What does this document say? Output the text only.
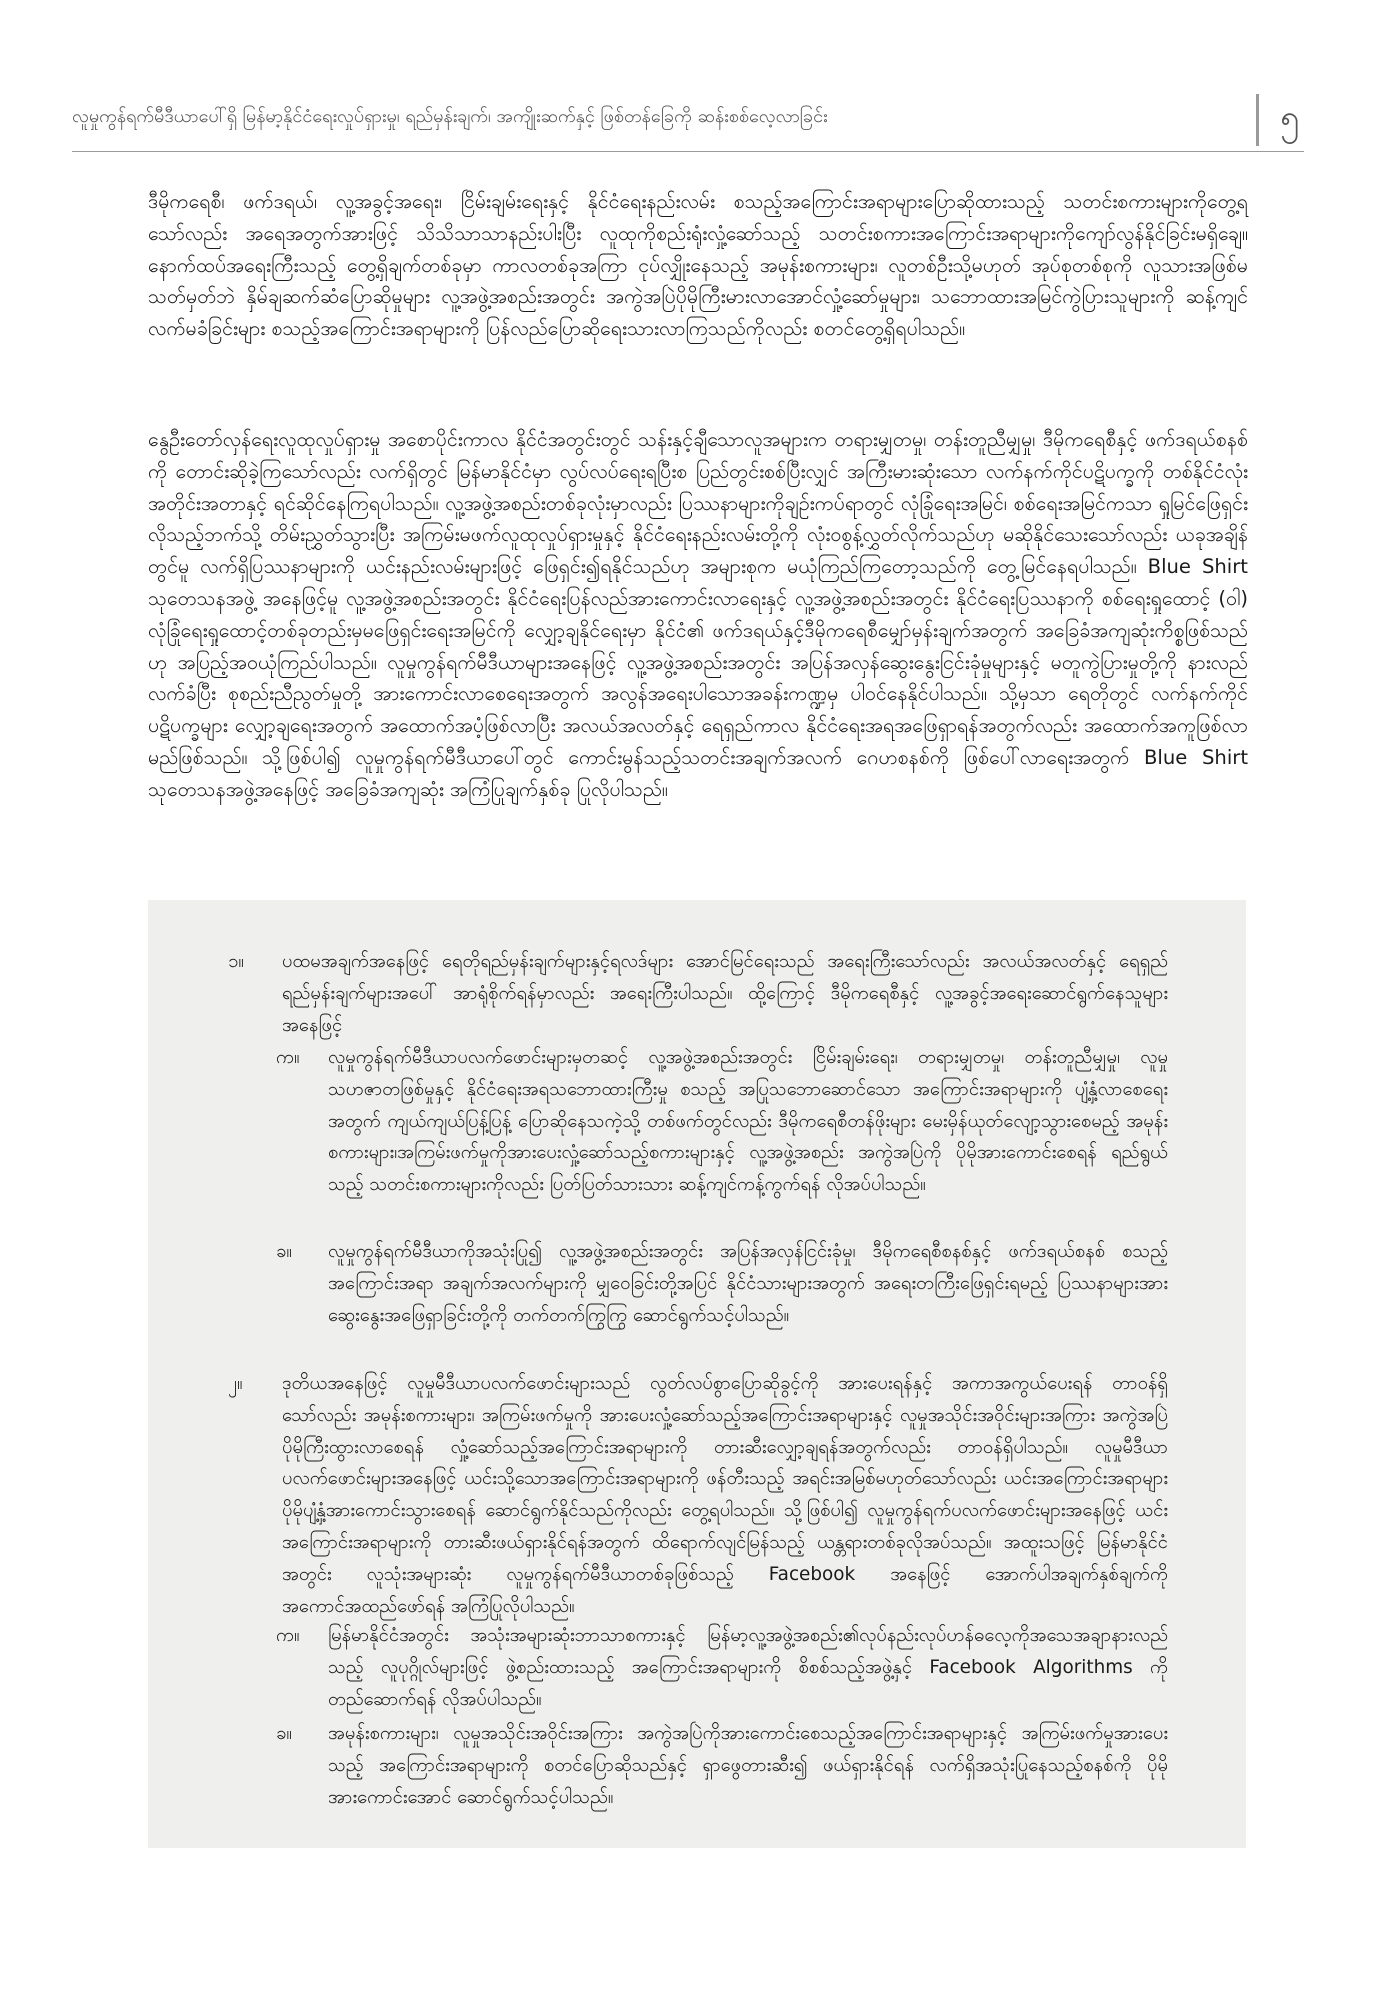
လူမှုကွန်ရက်မီဒီယာပေါ်ရှိ မြန်မာ့နိုင်ငံရေးလှုပ်ရှားမှု၊ ရည်မှန်းချက်၊ အကျိုးဆက်နှင့် ဖြစ်တန်ခြေကို ဆန်းစစ်လေ့လာခြင်း	၅
ဒီမိုကရေစီ၊ ဖက်ဒရယ်၊ လူ့အခွင့်အရေး၊ ငြိမ်းချမ်းရေးနှင့် နိုင်ငံရေးနည်းလမ်း စသည့်အကြောင်းအရာများပြောဆိုထားသည့် သတင်းစကားများကိုတွေ့ရသော်လည်း အရေအတွက်အားဖြင့် သိသိသာသာနည်းပါးပြီး လူထုကိုစည်းရုံးလှုံ့ဆော်သည့် သတင်းစကားအကြောင်းအရာများကိုကျော်လွန်နိုင်ခြင်းမရှိချေ။ နောက်ထပ်အရေးကြီးသည့် တွေ့ရှိချက်တစ်ခုမှာ ကာလတစ်ခုအကြာ ငုပ်လျှိုးနေသည့် အမုန်းစကားများ၊ လူတစ်ဦးသို့မဟုတ် အုပ်စုတစ်စုကို လူသားအဖြစ်မသတ်မှတ်ဘဲ နှိမ်ချဆက်ဆံပြောဆိုမှုများ လူ့အဖွဲ့အစည်းအတွင်း အကွဲအပြဲပိုမိုကြီးမားလာအောင်လှုံ့ဆော်မှုများ၊ သဘောထားအမြင်ကွဲပြားသူများကို ဆန့်ကျင်လက်မခံခြင်းများ စသည့်အကြောင်းအရာများကို ပြန်လည်ပြောဆိုရေးသားလာကြသည်ကိုလည်း စတင်တွေ့ရှိရပါသည်။
နွေဦးတော်လှန်ရေးလူထုလှုပ်ရှားမှု အစောပိုင်းကာလ နိုင်ငံအတွင်းတွင် သန်းနှင့်ချီသောလူအများက တရားမျှတမှု၊ တန်းတူညီမျှမှု၊ ဒီမိုကရေစီနှင့် ဖက်ဒရယ်စနစ်ကို တောင်းဆိုခဲ့ကြသော်လည်း လက်ရှိတွင် မြန်မာနိုင်ငံမှာ လွပ်လပ်ရေးရပြီးစ ပြည်တွင်းစစ်ပြီးလျှင် အကြီးမားဆုံးသော လက်နက်ကိုင်ပဋိပက္ခကို တစ်နိုင်ငံလုံးအတိုင်းအတာနှင့် ရင်ဆိုင်နေကြရပါသည်။ လူ့အဖွဲ့အစည်းတစ်ခုလုံးမှာလည်း ပြဿနာများကိုချဉ်းကပ်ရာတွင် လုံခြုံရေးအမြင်၊ စစ်ရေးအမြင်ကသာ ရှုမြင်ဖြေရှင်းလိုသည့်ဘက်သို့ တိမ်းညွှတ်သွားပြီး အကြမ်းမဖက်လူထုလှုပ်ရှားမှုနှင့် နိုင်ငံရေးနည်းလမ်းတို့ကို လုံးဝစွန့်လွှတ်လိုက်သည်ဟု မဆိုနိုင်သေးသော်လည်း ယခုအချိန်တွင်မူ လက်ရှိပြဿနာများကို ယင်းနည်းလမ်းများဖြင့် ဖြေရှင်း၍ရနိုင်သည်ဟု အများစုက မယုံကြည်ကြတော့သည်ကို တွေ့မြင်နေရပါသည်။ Blue Shirt သုတေသနအဖွဲ့ အနေဖြင့်မူ လူ့အဖွဲ့အစည်းအတွင်း နိုင်ငံရေးပြန်လည်အားကောင်းလာရေးနှင့် လူ့အဖွဲ့အစည်းအတွင်း နိုင်ငံရေးပြဿနာကို စစ်ရေးရှုထောင့် (ဝါ) လုံခြုံရေးရှုထောင့်တစ်ခုတည်းမှမဖြေရှင်းရေးအမြင်ကို လျှော့ချနိုင်ရေးမှာ နိုင်ငံ၏ ဖက်ဒရယ်နှင့်ဒီမိုကရေစီမျှော်မှန်းချက်အတွက် အခြေခံအကျဆုံးကိစ္စဖြစ်သည်ဟု အပြည့်အဝယုံကြည်ပါသည်။ လူမှုကွန်ရက်မီဒီယာများအနေဖြင့် လူ့အဖွဲ့အစည်းအတွင်း အပြန်အလှန်ဆွေးနွေးငြင်းခုံမှုများနှင့် မတူကွဲပြားမှုတို့ကို နားလည်လက်ခံပြီး စုစည်းညီညွတ်မှုတို့ အားကောင်းလာစေရေးအတွက် အလွန်အရေးပါသောအခန်းကဏ္ဍမှ ပါဝင်နေနိုင်ပါသည်။ သို့မှသာ ရေတိုတွင် လက်နက်ကိုင်ပဋိပက္ခများ လျှော့ချရေးအတွက် အထောက်အပံ့ဖြစ်လာပြီး အလယ်အလတ်နှင့် ရေရှည်ကာလ နိုင်ငံရေးအရအဖြေရှာရန်အတွက်လည်း အထောက်အကူဖြစ်လာမည်ဖြစ်သည်။ သို့ဖြစ်ပါ၍ လူမှုကွန်ရက်မီဒီယာပေါ်တွင် ကောင်းမွန်သည့်သတင်းအချက်အလက် ဂေဟစနစ်ကို ဖြစ်ပေါ်လာရေးအတွက် Blue Shirt သုတေသနအဖွဲ့အနေဖြင့် အခြေခံအကျဆုံး အကြံပြုချက်နှစ်ခု ပြုလိုပါသည်။
၁။ ပထမအချက်အနေဖြင့် ရေတိုရည်မှန်းချက်များနှင့်ရလဒ်များ အောင်မြင်ရေးသည် အရေးကြီးသော်လည်း အလယ်အလတ်နှင့် ရေရှည်ရည်မှန်းချက်များအပေါ် အာရုံစိုက်ရန်မှာလည်း အရေးကြီးပါသည်။ ထို့ကြောင့် ဒီမိုကရေစီနှင့် လူ့အခွင့်အရေးဆောင်ရွက်နေသူများအနေဖြင့်
က။ လူမှုကွန်ရက်မီဒီယာပလက်ဖောင်းများမှတဆင့် လူ့အဖွဲ့အစည်းအတွင်း ငြိမ်းချမ်းရေး၊ တရားမျှတမှု၊ တန်းတူညီမျှမှု၊ လူမှုသဟဇာတဖြစ်မှုနှင့် နိုင်ငံရေးအရသဘောထားကြီးမှု စသည့် အပြုသဘောဆောင်သော အကြောင်းအရာများကို ပျံ့နှံ့လာစေရေးအတွက် ကျယ်ကျယ်ပြန့်ပြန့် ပြောဆိုနေသကဲ့သို့ တစ်ဖက်တွင်လည်း ဒီမိုကရေစီတန်ဖိုးများ မေးမှိန်ယုတ်လျော့သွားစေမည့် အမုန်းစကားများ၊အကြမ်းဖက်မှုကိုအားပေးလှုံ့ဆော်သည့်စကားများနှင့် လူ့အဖွဲ့အစည်း အကွဲအပြဲကို ပိုမိုအားကောင်းစေရန် ရည်ရွယ်သည့် သတင်းစကားများကိုလည်း ပြတ်ပြတ်သားသား ဆန့်ကျင်ကန့်ကွက်ရန် လိုအပ်ပါသည်။
ခ။ လူမှုကွန်ရက်မီဒီယာကိုအသုံးပြု၍ လူ့အဖွဲ့အစည်းအတွင်း အပြန်အလှန်ငြင်းခုံမှု၊ ဒီမိုကရေစီစနစ်နှင့် ဖက်ဒရယ်စနစ် စသည့် အကြောင်းအရာ အချက်အလက်များကို မျှဝေခြင်းတို့အပြင် နိုင်ငံသားများအတွက် အရေးတကြီးဖြေရှင်းရမည့် ပြဿနာများအား ဆွေးနွေးအဖြေရှာခြင်းတို့ကို တက်တက်ကြွကြွ ဆောင်ရွက်သင့်ပါသည်။
၂။ ဒုတိယအနေဖြင့် လူမှုမီဒီယာပလက်ဖောင်းများသည် လွတ်လပ်စွာပြောဆိုခွင့်ကို အားပေးရန်နှင့် အကာအကွယ်ပေးရန် တာဝန်ရှိသော်လည်း အမုန်းစကားများ၊ အကြမ်းဖက်မှုကို အားပေးလှုံ့ဆော်သည့်အကြောင်းအရာများနှင့် လူမှုအသိုင်းအဝိုင်းများအကြား အကွဲအပြဲပိုမိုကြီးထွားလာစေရန် လှုံ့ဆော်သည့်အကြောင်းအရာများကို တားဆီးလျှော့ချရန်အတွက်လည်း တာဝန်ရှိပါသည်။ လူမှုမီဒီယာပလက်ဖောင်းများအနေဖြင့် ယင်းသို့သောအကြောင်းအရာများကို ဖန်တီးသည့် အရင်းအမြစ်မဟုတ်သော်လည်း ယင်းအကြောင်းအရာများ ပိုမိုပျံ့နှံ့အားကောင်းသွားစေရန် ဆောင်ရွက်နိုင်သည်ကိုလည်း တွေ့ရပါသည်။ သို့ဖြစ်ပါ၍ လူမှုကွန်ရက်ပလက်ဖောင်းများအနေဖြင့် ယင်းအကြောင်းအရာများကို တားဆီးဖယ်ရှားနိုင်ရန်အတွက် ထိရောက်လျင်မြန်သည့် ယန္တရားတစ်ခုလိုအပ်သည်။ အထူးသဖြင့် မြန်မာနိုင်ငံအတွင်း လူသုံးအများဆုံး လူမှုကွန်ရက်မီဒီယာတစ်ခုဖြစ်သည့် Facebook အနေဖြင့် အောက်ပါအချက်နှစ်ချက်ကို အကောင်အထည်ဖော်ရန် အကြံပြုလိုပါသည်။
က။ မြန်မာနိုင်ငံအတွင်း အသုံးအများဆုံးဘာသာစကားနှင့် မြန်မာ့လူ့အဖွဲ့အစည်း၏လုပ်နည်းလုပ်ဟန်ဓလေ့ကိုအသေအချာနားလည်သည့် လူပုဂ္ဂိုလ်များဖြင့် ဖွဲ့စည်းထားသည့် အကြောင်းအရာများကို စိစစ်သည့်အဖွဲ့နှင့် Facebook Algorithms ကို တည်ဆောက်ရန် လိုအပ်ပါသည်။
ခ။ အမုန်းစကားများ၊ လူမှုအသိုင်းအဝိုင်းအကြား အကွဲအပြဲကိုအားကောင်းစေသည့်အကြောင်းအရာများနှင့် အကြမ်းဖက်မှုအားပေးသည့် အကြောင်းအရာများကို စတင်ပြောဆိုသည်နှင့် ရှာဖွေတားဆီး၍ ဖယ်ရှားနိုင်ရန် လက်ရှိအသုံးပြုနေသည့်စနစ်ကို ပိုမိုအားကောင်းအောင် ဆောင်ရွက်သင့်ပါသည်။
